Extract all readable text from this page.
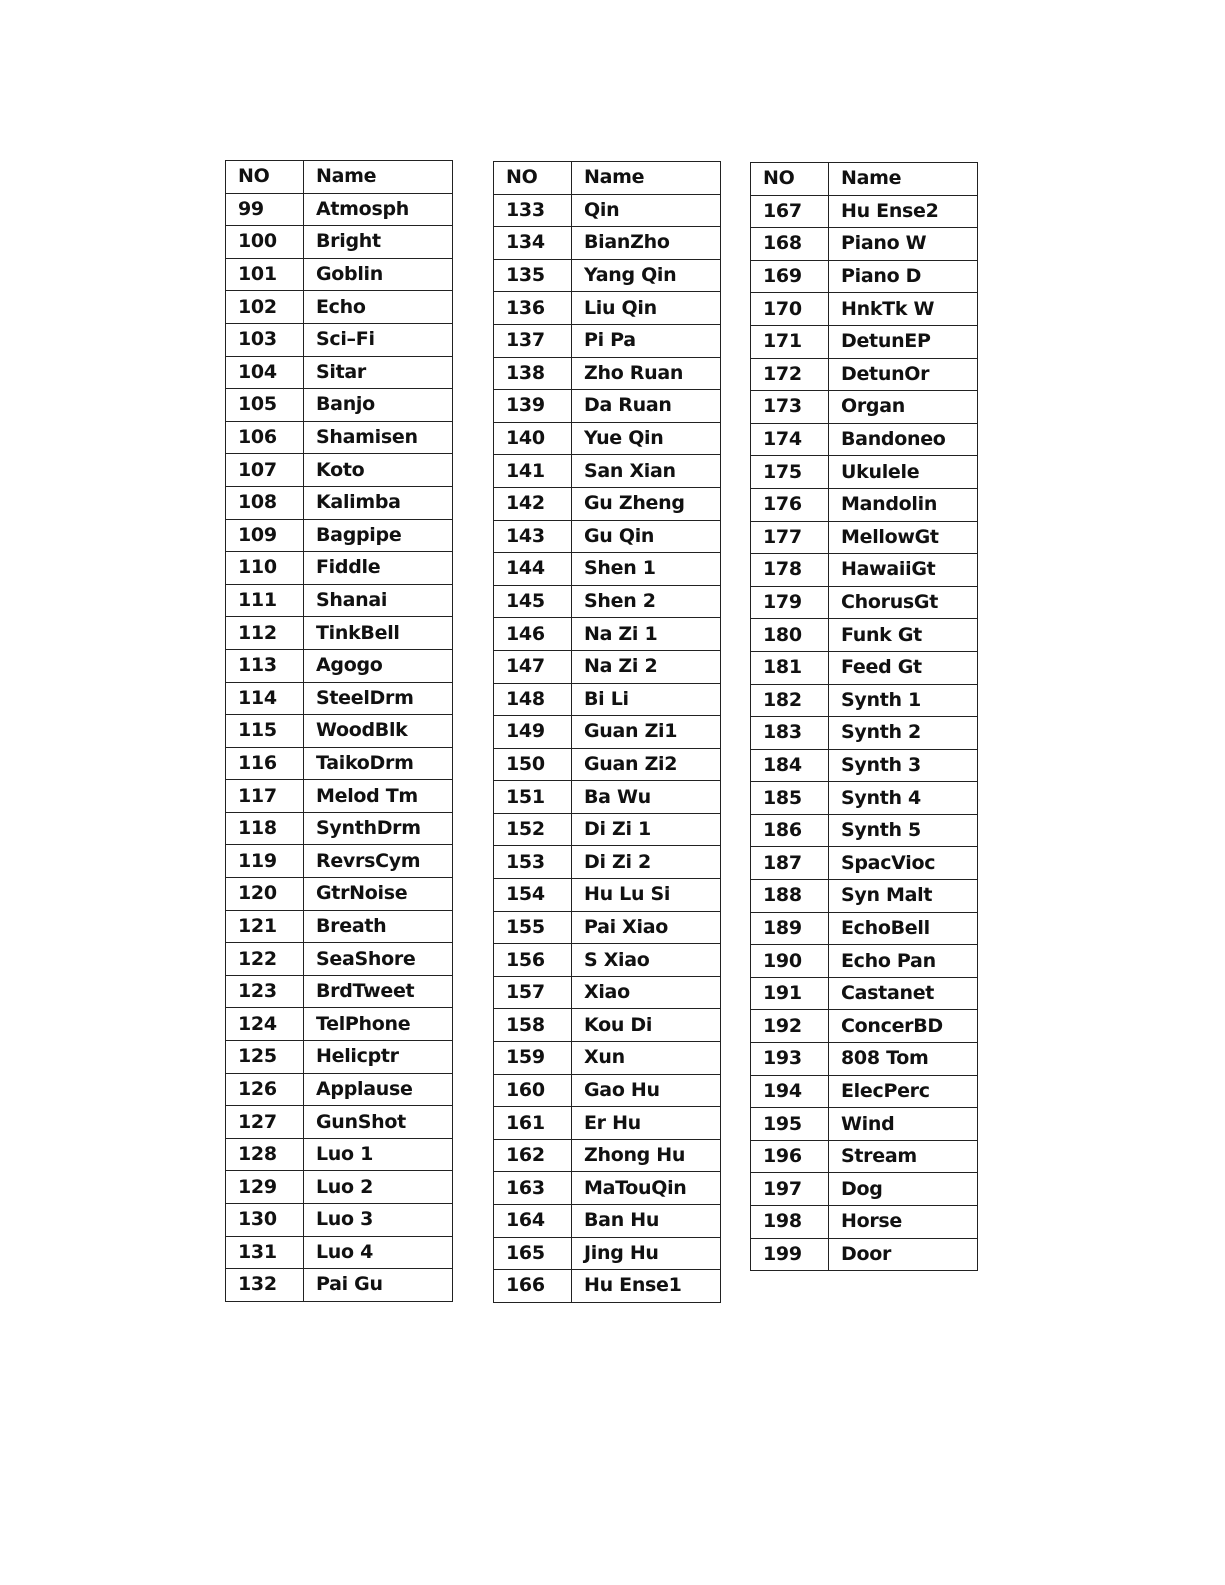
NO	Name
99	Atmosph
100	Bright
101	Goblin
102	Echo
103	Sci–Fi
104	Sitar
105	Banjo
106	Shamisen
107	Koto
108	Kalimba
109	Bagpipe
110	Fiddle
111	Shanai
112	TinkBell
113	Agogo
114	SteelDrm
115	WoodBlk
116	TaikoDrm
117	Melod Tm
118	SynthDrm
119	RevrsCym
120	GtrNoise
121	Breath
122	SeaShore
123	BrdTweet
124	TelPhone
125	Helicptr
126	Applause
127	GunShot
128	Luo 1
129	Luo 2
130	Luo 3
131	Luo 4
132	Pai Gu
NO	Name
133	Qin
134	BianZho
135	Yang Qin
136	Liu Qin
137	Pi Pa
138	Zho Ruan
139	Da Ruan
140	Yue Qin
141	San Xian
142	Gu Zheng
143	Gu Qin
144	Shen 1
145	Shen 2
146	Na Zi 1
147	Na Zi 2
148	Bi Li
149	Guan Zi1
150	Guan Zi2
151	Ba Wu
152	Di Zi 1
153	Di Zi 2
154	Hu Lu Si
155	Pai Xiao
156	S Xiao
157	Xiao
158	Kou Di
159	Xun
160	Gao Hu
161	Er Hu
162	Zhong Hu
163	MaTouQin
164	Ban Hu
165	Jing Hu
166	Hu Ense1
NO	Name
167	Hu Ense2
168	Piano W
169	Piano D
170	HnkTk W
171	DetunEP
172	DetunOr
173	Organ
174	Bandoneo
175	Ukulele
176	Mandolin
177	MellowGt
178	HawaiiGt
179	ChorusGt
180	Funk Gt
181	Feed Gt
182	Synth 1
183	Synth 2
184	Synth 3
185	Synth 4
186	Synth 5
187	SpacVioc
188	Syn Malt
189	EchoBell
190	Echo Pan
191	Castanet
192	ConcerBD
193	808 Tom
194	ElecPerc
195	Wind
196	Stream
197	Dog
198	Horse
199	Door
